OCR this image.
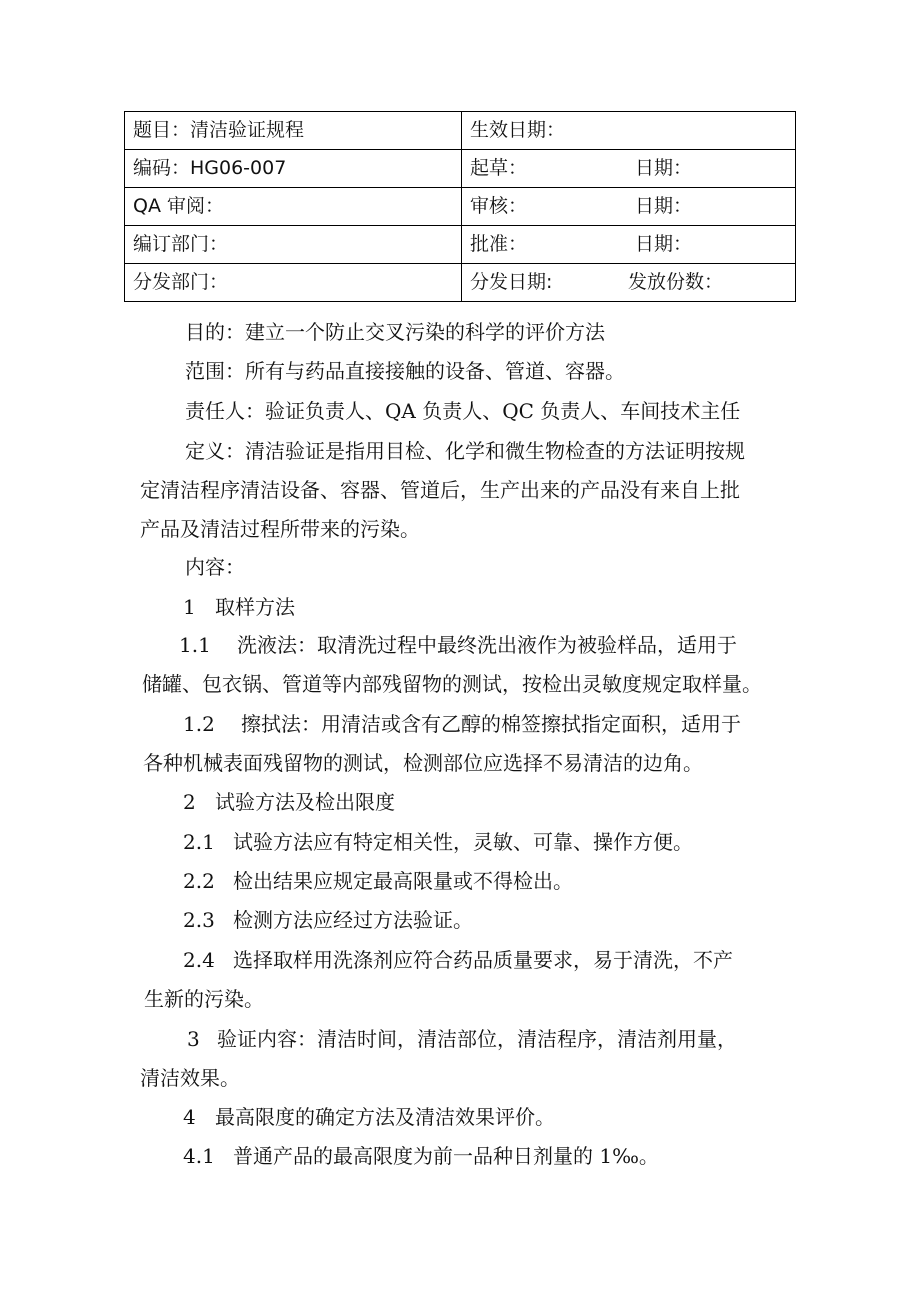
题目：清洁验证规程	生效日期：
编码：HG06-007	起草： 日期：
QA 审阅：	审核： 日期：
编订部门：	批准： 日期：
分发部门：	分发日期: 发放份数：
目的：建立一个防止交叉污染的科学的评价方法
范围：所有与药品直接接触的设备、管道、容器。
责任人：验证负责人、QA 负责人、QC 负责人、车间技术主任
定义：清洁验证是指用目检、化学和微生物检查的方法证明按规
定清洁程序清洁设备、容器、管道后，生产出来的产品没有来自上批
产品及清洁过程所带来的污染。
内容：
1 取样方法
1.1 洗液法：取清洗过程中最终洗出液作为被验样品，适用于
储罐、包衣锅、管道等内部残留物的测试，按检出灵敏度规定取样量。
1.2 擦拭法：用清洁或含有乙醇的棉签擦拭指定面积，适用于
各种机械表面残留物的测试，检测部位应选择不易清洁的边角。
2 试验方法及检出限度
2.1 试验方法应有特定相关性，灵敏、可靠、操作方便。
2.2 检出结果应规定最高限量或不得检出。
2.3 检测方法应经过方法验证。
2.4 选择取样用洗涤剂应符合药品质量要求，易于清洗，不产
生新的污染。
3 验证内容：清洁时间，清洁部位，清洁程序，清洁剂用量，
清洁效果。
4 最高限度的确定方法及清洁效果评价。
4.1 普通产品的最高限度为前一品种日剂量的 1‰。
